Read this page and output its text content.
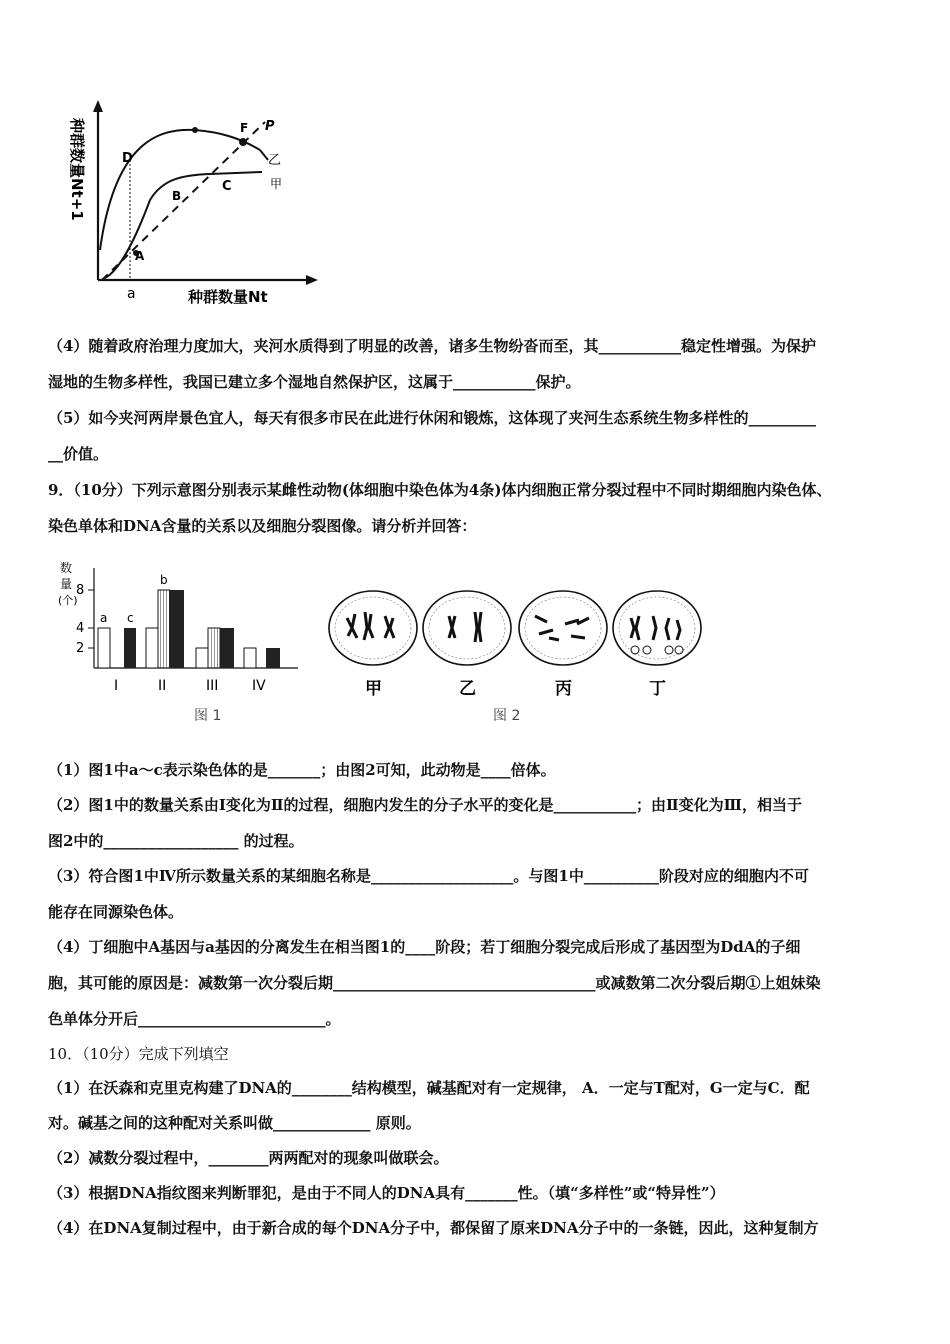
种群数量Nt+1	D
F P
A
B
C
乙
甲
a	种群数量Nt
（4）随着政府治理力度加大，夹河水质得到了明显的改善，诸多生物纷沓而至，其___________稳定性增强。为保护
湿地的生物多样性，我国已建立多个湿地自然保护区，这属于___________保护。
（5）如今夹河两岸景色宜人，每天有很多市民在此进行休闲和锻炼，这体现了夹河生态系统生物多样性的_________
__价值。
9．（10分）下列示意图分别表示某雌性动物(体细胞中染色体为4条)体内细胞正常分裂过程中不同时期细胞内染色体、
染色单体和DNA含量的关系以及细胞分裂图像。请分析并回答：
数
量
(个)
8
4
2
a c
b
I	II	III IV
图 1
甲	乙	丙	丁
图 2
（1）图1中a～c表示染色体的是_______；由图2可知，此动物是____倍体。
（2）图1中的数量关系由Ⅰ变化为Ⅱ的过程，细胞内发生的分子水平的变化是___________；由Ⅱ变化为Ⅲ，相当于
图2中的__________________ 的过程。
（3）符合图1中Ⅳ所示数量关系的某细胞名称是___________________。与图1中__________阶段对应的细胞内不可
能存在同源染色体。
（4）丁细胞中A基因与a基因的分离发生在相当图1的____阶段；若丁细胞分裂完成后形成了基因型为DdA的子细
胞，其可能的原因是：减数第一次分裂后期___________________________________或减数第二次分裂后期①上姐妹染
色单体分开后_________________________。
10．（10分）完成下列填空
（1）在沃森和克里克构建了DNA的________结构模型，碱基配对有一定规律， A．一定与T配对，G一定与C．配
对。碱基之间的这种配对关系叫做_____________ 原则。
（2）减数分裂过程中，________两两配对的现象叫做联会。
（3）根据DNA指纹图来判断罪犯，是由于不同人的DNA具有_______性。（填“多样性”或“特异性”）
（4）在DNA复制过程中，由于新合成的每个DNA分子中，都保留了原来DNA分子中的一条链，因此，这种复制方
